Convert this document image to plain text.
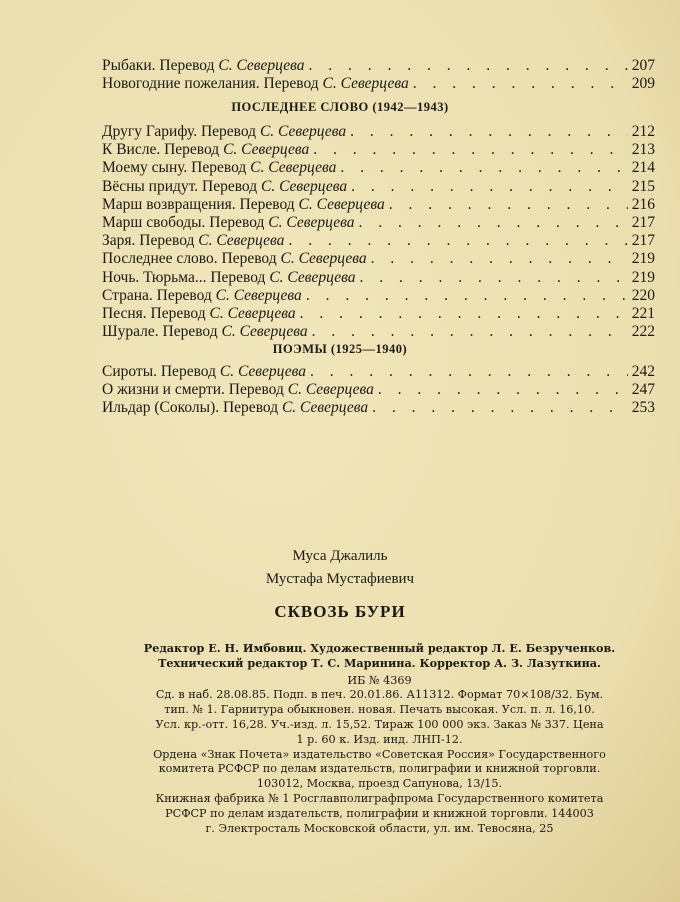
Рыбаки. Перевод С. Северцева . . .	207
Новогодние пожелания. Перевод С. Северцева . . .	209
ПОСЛЕДНЕЕ СЛОВО (1942—1943)
Другу Гарифу. Перевод С. Северцева . . .	212
К Висле. Перевод С. Северцева . . .	213
Моему сыну. Перевод С. Северцева . . .	214
Вёсны придут. Перевод С. Северцева . . .	215
Марш возвращения. Перевод С. Северцева . . .	216
Марш свободы. Перевод С. Северцева . . .	217
Заря. Перевод С. Северцева . . .	217
Последнее слово. Перевод С. Северцева . . .	219
Ночь. Тюрьма... Перевод С. Северцева . . .	219
Страна. Перевод С. Северцева . . .	220
Песня. Перевод С. Северцева . . .	221
Шурале. Перевод С. Северцева . . .	222
ПОЭМЫ (1925—1940)
Сироты. Перевод С. Северцева . . .	242
О жизни и смерти. Перевод С. Северцева . . .	247
Ильдар (Соколы). Перевод С. Северцева . . .	253
Муса Джалиль
Мустафа Мустафиевич
СКВОЗЬ БУРИ

Редактор Е. Н. Имбовиц. Художественный редактор Л. Е. Безрученков.

Технический редактор Т. С. Маринина. Корректор А. З. Лазуткина.

ИБ № 4369

Сд. в наб. 28.08.85. Подп. в печ. 20.01.86. А11312. Формат 70×108/32. Бум.

тип. № 1. Гарнитура обыкновен. новая. Печать высокая. Усл. п. л. 16,10.

Усл. кр.-отт. 16,28. Уч.-изд. л. 15,52. Тираж 100 000 экз. Заказ № 337. Цена

1 р. 60 к. Изд. инд. ЛНП-12.

Ордена «Знак Почета» издательство «Советская Россия» Государственного

комитета РСФСР по делам издательств, полиграфии и книжной торговли.

103012, Москва, проезд Сапунова, 13/15.

Книжная фабрика № 1 Росглавполиграфпрома Государственного комитета

РСФСР по делам издательств, полиграфии и книжной торговли. 144003

г. Электросталь Московской области, ул. им. Тевосяна, 25
